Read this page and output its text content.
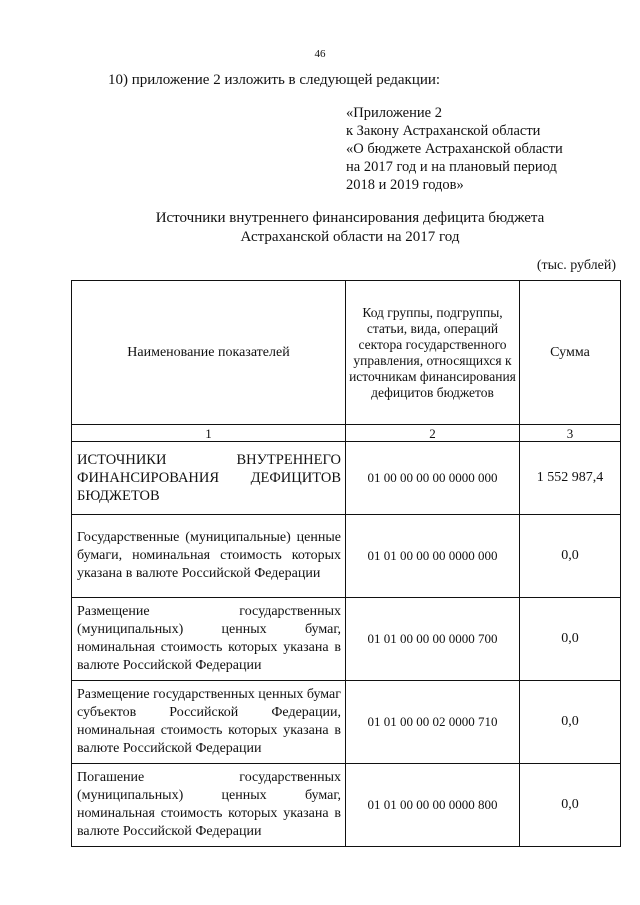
46
10) приложение 2 изложить в следующей редакции:
«Приложение 2
к Закону Астраханской области
«О бюджете Астраханской области
на 2017 год и на плановый период
2018 и 2019 годов»
Источники внутреннего финансирования дефицита бюджета
Астраханской области на 2017 год
(тыс. рублей)
Наименование показателей	Код группы, подгруппы, статьи, вида, операций сектора государственного управления, относящихся к источникам финансирования дефицитов бюджетов	Сумма
1	2	3
ИСТОЧНИКИ ВНУТРЕННЕГО ФИНАНСИРОВАНИЯ ДЕФИЦИТОВ БЮДЖЕТОВ	01 00 00 00 00 0000 000	1 552 987,4
Государственные (муниципальные) ценные бумаги, номинальная стоимость которых указана в валюте Российской Федерации	01 01 00 00 00 0000 000	0,0
Размещение государственных (муниципальных) ценных бумаг, номинальная стоимость которых указана в валюте Российской Федерации	01 01 00 00 00 0000 700	0,0
Размещение государственных ценных бумаг субъектов Российской Федерации, номинальная стоимость которых указана в валюте Российской Федерации	01 01 00 00 02 0000 710	0,0
Погашение государственных (муниципальных) ценных бумаг, номинальная стоимость которых указана в валюте Российской Федерации	01 01 00 00 00 0000 800	0,0
